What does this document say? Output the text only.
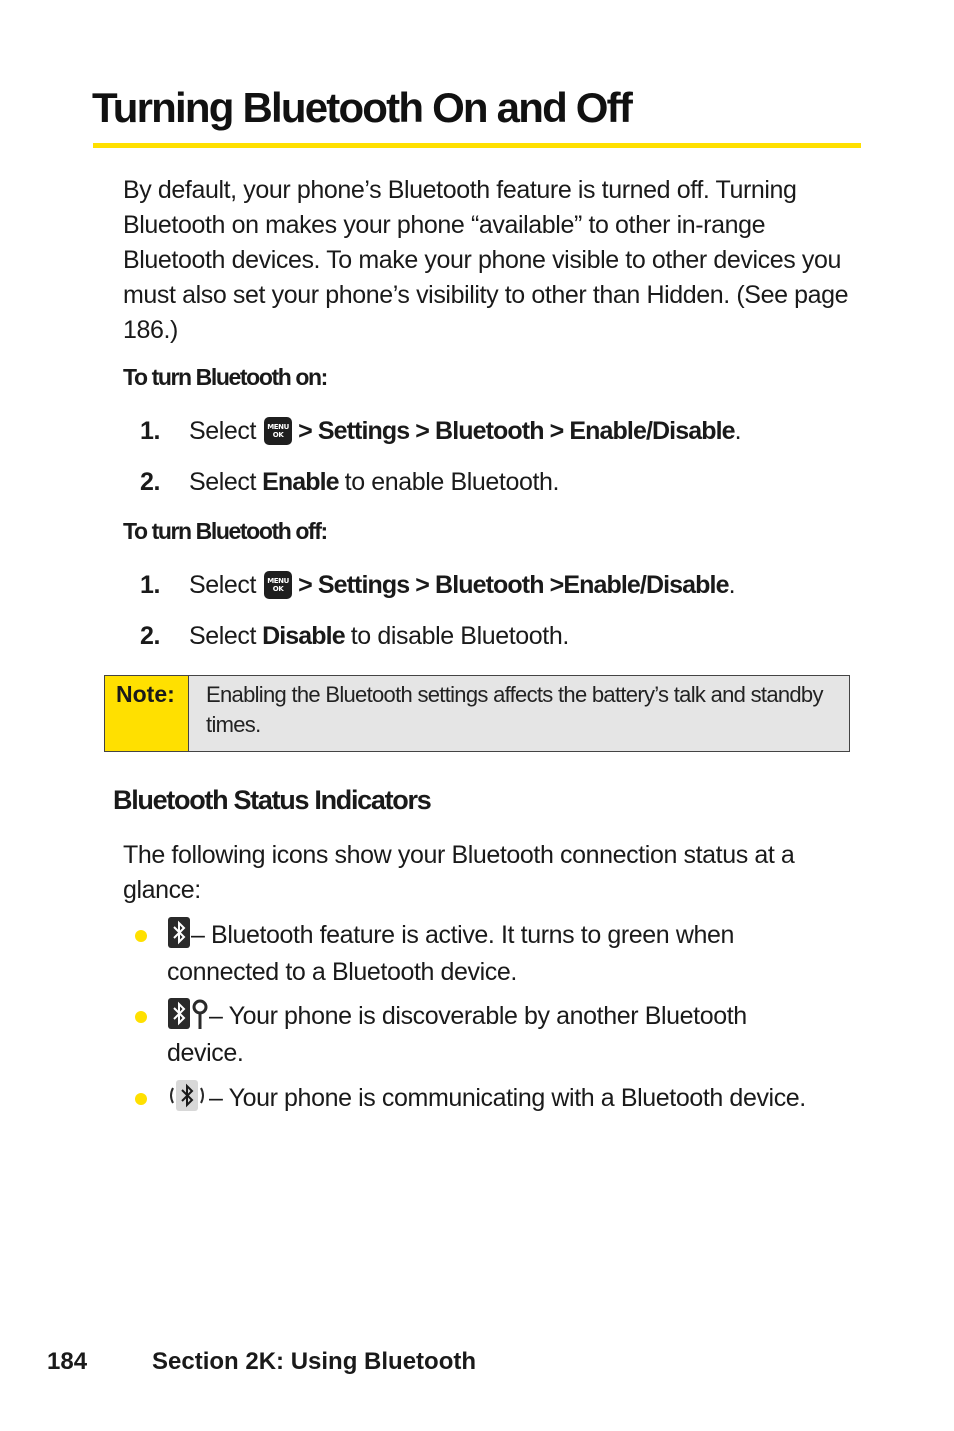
Turning Bluetooth On and Off

By default, your phone’s Bluetooth feature is turned off. Turning Bluetooth on makes your phone “available” to other in-range Bluetooth devices. To make your phone visible to other devices you must also set your phone’s visibility to other than Hidden. (See page 186.)

To turn Bluetooth on:

1.	Select MENU
OK > Settings > Bluetooth > Enable/Disable .
2.	Select Enable to enable Bluetooth.

To turn Bluetooth off:

1.	Select MENU
OK > Settings > Bluetooth >Enable/Disable .
2.	Select Disable to disable Bluetooth.
Note:	Enabling the Bluetooth settings affects the battery’s talk and standby times.
Bluetooth Status Indicators

The following icons show your Bluetooth connection status at a glance:

– Bluetooth feature is active. It turns to green when connected to a Bluetooth device.
– Your phone is discoverable by another Bluetooth device.
– Your phone is communicating with a Bluetooth device.
184	Section 2K: Using Bluetooth
